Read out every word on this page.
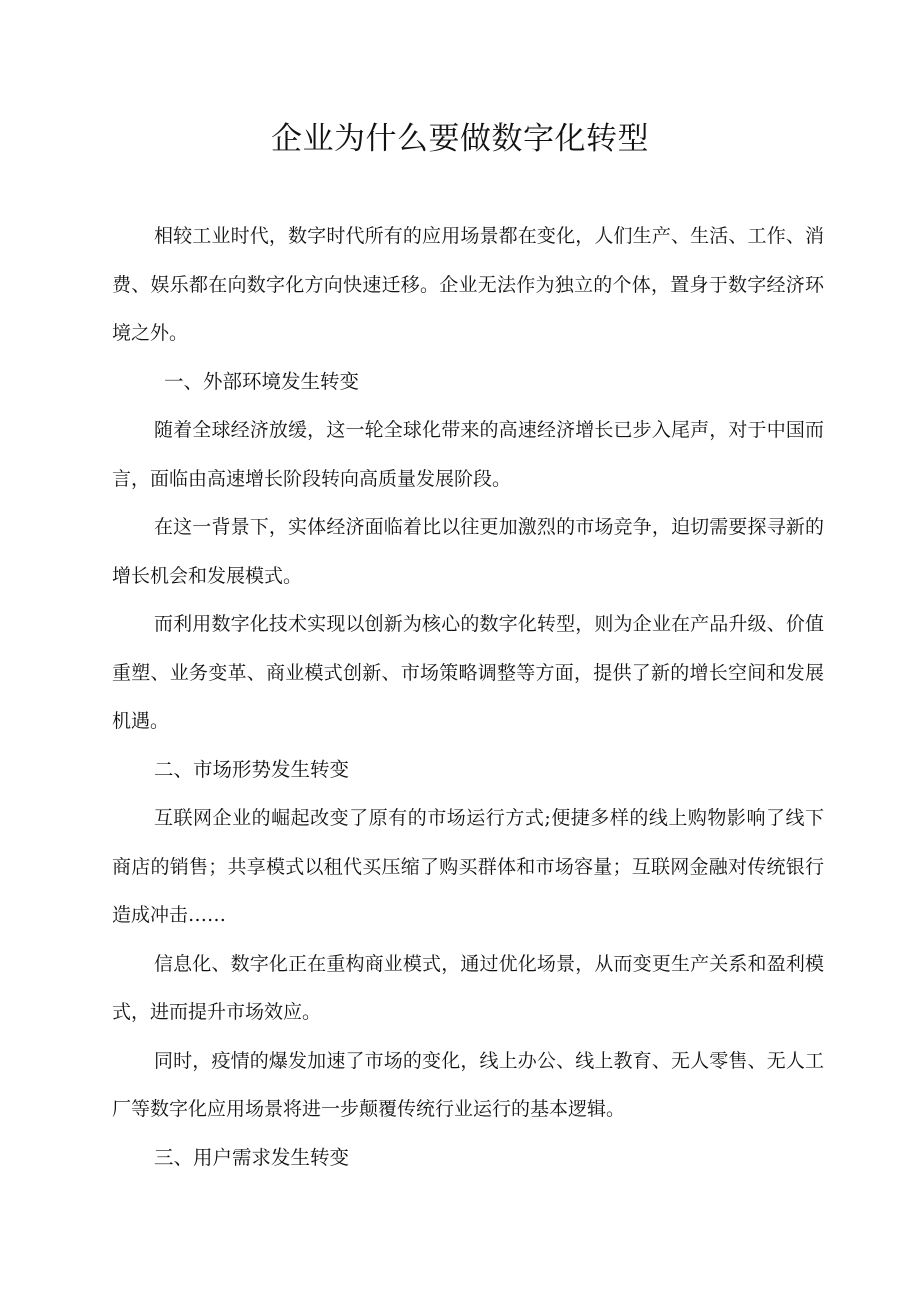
企业为什么要做数字化转型

相较工业时代，数字时代所有的应用场景都在变化，人们生产、生活、工作、消费、娱乐都在向数字化方向快速迁移。企业无法作为独立的个体，置身于数字经济环境之外。

一、外部环境发生转变

随着全球经济放缓，这一轮全球化带来的高速经济增长已步入尾声，对于中国而言，面临由高速增长阶段转向高质量发展阶段。

在这一背景下，实体经济面临着比以往更加激烈的市场竞争，迫切需要探寻新的增长机会和发展模式。

而利用数字化技术实现以创新为核心的数字化转型，则为企业在产品升级、价值重塑、业务变革、商业模式创新、市场策略调整等方面，提供了新的增长空间和发展机遇。

二、市场形势发生转变

互联网企业的崛起改变了原有的市场运行方式;便捷多样的线上购物影响了线下商店的销售；共享模式以租代买压缩了购买群体和市场容量；互联网金融对传统银行造成冲击……

信息化、数字化正在重构商业模式，通过优化场景，从而变更生产关系和盈利模式，进而提升市场效应。

同时，疫情的爆发加速了市场的变化，线上办公、线上教育、无人零售、无人工厂等数字化应用场景将进一步颠覆传统行业运行的基本逻辑。

三、用户需求发生转变
